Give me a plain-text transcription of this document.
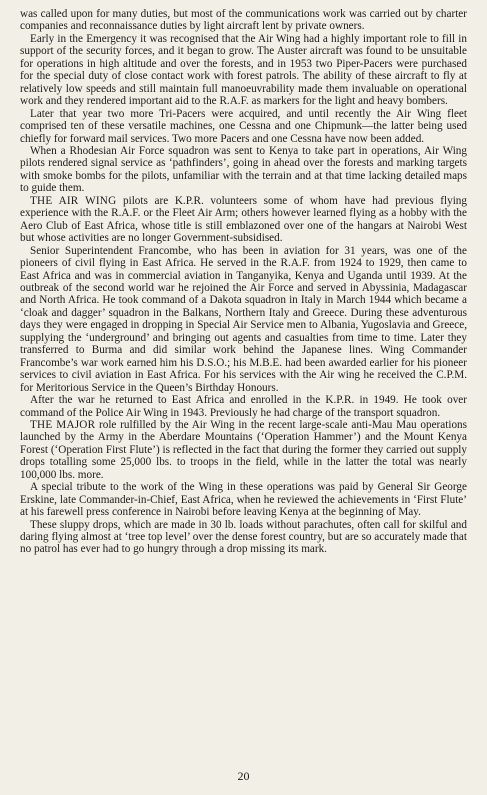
was called upon for many duties, but most of the communications work was carried out by charter companies and reconnaissance duties by light aircraft lent by private owners.

Early in the Emergency it was recognised that the Air Wing had a highly important role to fill in support of the security forces, and it began to grow. The Auster aircraft was found to be unsuitable for operations in high altitude and over the forests, and in 1953 two Piper-Pacers were purchased for the special duty of close contact work with forest patrols. The ability of these aircraft to fly at relatively low speeds and still maintain full manoeuvrability made them invaluable on operational work and they rendered important aid to the R.A.F. as markers for the light and heavy bombers.

Later that year two more Tri-Pacers were acquired, and until recently the Air Wing fleet comprised ten of these versatile machines, one Cessna and one Chipmunk—the latter being used chiefly for forward mail services. Two more Pacers and one Cessna have now been added.

When a Rhodesian Air Force squadron was sent to Kenya to take part in operations, Air Wing pilots rendered signal service as ‘pathfinders’, going in ahead over the forests and marking targets with smoke bombs for the pilots, unfamiliar with the terrain and at that time lacking detailed maps to guide them.

THE AIR WING pilots are K.P.R. volunteers some of whom have had previous flying experience with the R.A.F. or the Fleet Air Arm; others however learned flying as a hobby with the Aero Club of East Africa, whose title is still emblazoned over one of the hangars at Nairobi West but whose activities are no longer Government-subsidised.

Senior Superintendent Francombe, who has been in aviation for 31 years, was one of the pioneers of civil flying in East Africa. He served in the R.A.F. from 1924 to 1929, then came to East Africa and was in commercial aviation in Tanganyika, Kenya and Uganda until 1939. At the outbreak of the second world war he rejoined the Air Force and served in Abyssinia, Madagascar and North Africa. He took command of a Dakota squadron in Italy in March 1944 which became a ‘cloak and dagger’ squadron in the Balkans, Northern Italy and Greece. During these adventurous days they were engaged in dropping in Special Air Service men to Albania, Yugoslavia and Greece, supplying the ‘underground’ and bringing out agents and casualties from time to time. Later they transferred to Burma and did similar work behind the Japanese lines. Wing Commander Francombe’s war work earned him his D.S.O.; his M.B.E. had been awarded earlier for his pioneer services to civil aviation in East Africa. For his services with the Air wing he received the C.P.M. for Meritorious Service in the Queen’s Birthday Honours.

After the war he returned to East Africa and enrolled in the K.P.R. in 1949. He took over command of the Police Air Wing in 1943. Previously he had charge of the transport squadron.

THE MAJOR role rulfilled by the Air Wing in the recent large-scale anti-Mau Mau operations launched by the Army in the Aberdare Mountains (‘Operation Hammer’) and the Mount Kenya Forest (‘Operation First Flute’) is reflected in the fact that during the former they carried out supply drops totalling some 25,000 lbs. to troops in the field, while in the latter the total was nearly 100,000 lbs. more.

A special tribute to the work of the Wing in these operations was paid by General Sir George Erskine, late Commander-in-Chief, East Africa, when he reviewed the achievements in ‘First Flute’ at his farewell press conference in Nairobi before leaving Kenya at the beginning of May.

These sluppy drops, which are made in 30 lb. loads without parachutes, often call for skilful and daring flying almost at ‘tree top level’ over the dense forest country, but are so accurately made that no patrol has ever had to go hungry through a drop missing its mark.

20
